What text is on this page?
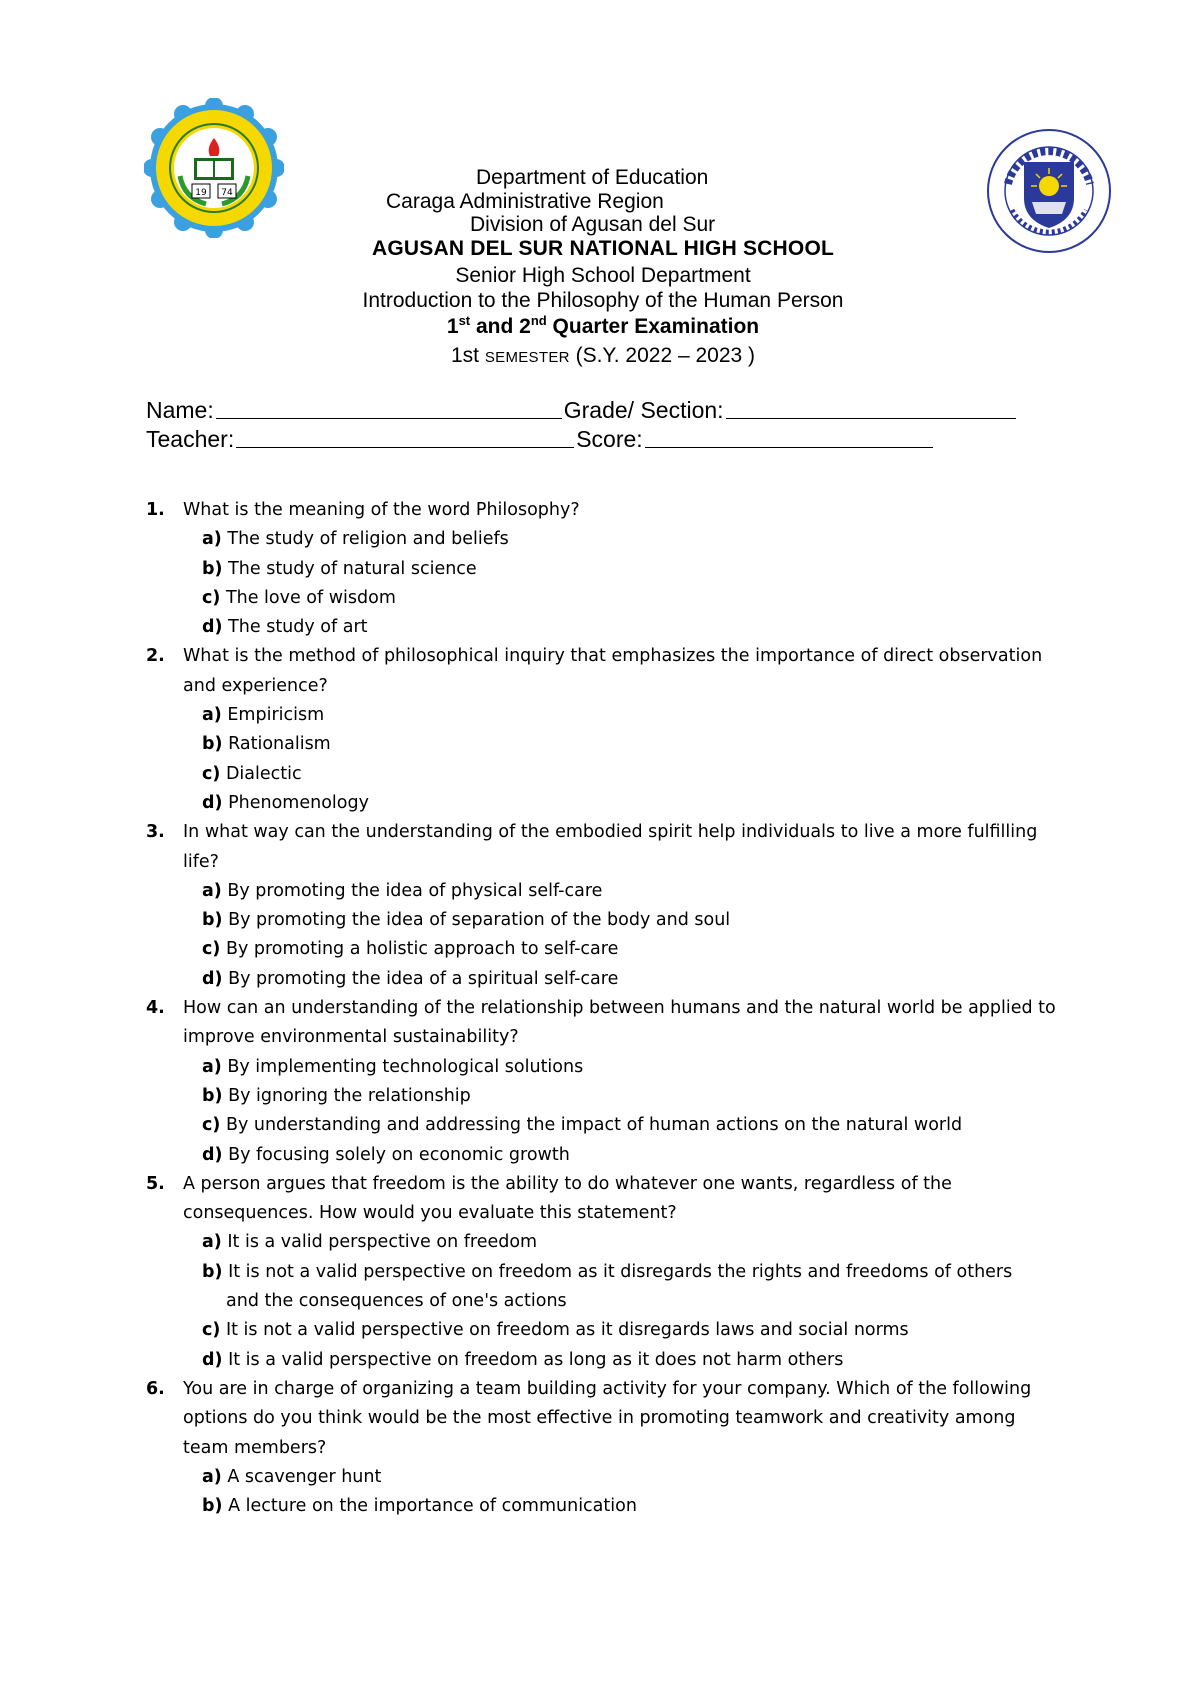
19 74
Department of Education
Caraga Administrative Region
Division of Agusan del Sur
AGUSAN DEL SUR NATIONAL HIGH SCHOOL
Senior High School Department
Introduction to the Philosophy of the Human Person
1st and 2nd Quarter Examination
1st SEMESTER (S.Y. 2022 – 2023 )
Name:	Grade/ Section:
Teacher:	Score:
1. What is the meaning of the word Philosophy?
a) The study of religion and beliefs
b) The study of natural science
c) The love of wisdom
d) The study of art
2. What is the method of philosophical inquiry that emphasizes the importance of direct observation and experience?
a) Empiricism
b) Rationalism
c) Dialectic
d) Phenomenology
3. In what way can the understanding of the embodied spirit help individuals to live a more fulfilling life?
a) By promoting the idea of physical self-care
b) By promoting the idea of separation of the body and soul
c) By promoting a holistic approach to self-care
d) By promoting the idea of a spiritual self-care
4. How can an understanding of the relationship between humans and the natural world be applied to improve environmental sustainability?
a) By implementing technological solutions
b) By ignoring the relationship
c) By understanding and addressing the impact of human actions on the natural world
d) By focusing solely on economic growth
5. A person argues that freedom is the ability to do whatever one wants, regardless of the consequences. How would you evaluate this statement?
a) It is a valid perspective on freedom
b) It is not a valid perspective on freedom as it disregards the rights and freedoms of others
and the consequences of one's actions
c) It is not a valid perspective on freedom as it disregards laws and social norms
d) It is a valid perspective on freedom as long as it does not harm others
6. You are in charge of organizing a team building activity for your company. Which of the following options do you think would be the most effective in promoting teamwork and creativity among team members?
a) A scavenger hunt
b) A lecture on the importance of communication
